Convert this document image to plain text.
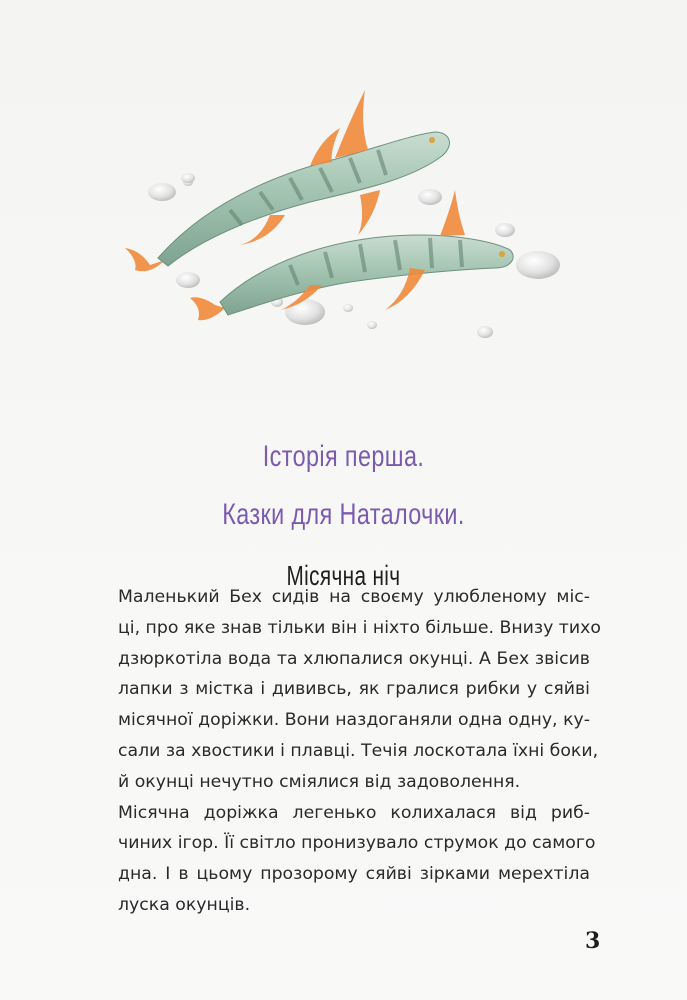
Історія перша.
Казки для Наталочки.
Місячна ніч

Маленький Бех сидів на своєму улюбленому міс-
ці, про яке знав тільки він і ніхто більше. Внизу тихо
дзюркотіла вода та хлюпалися окунці. А Бех звісив
лапки з містка і дививсь, як гралися рибки у сяйві
місячної доріжки. Вони наздоганяли одна одну, ку-
сали за хвостики і плавці. Течія лоскотала їхні боки,
й окунці нечутно сміялися від задоволення.

Місячна доріжка легенько колихалася від риб-
чиних ігор. Її світло пронизувало струмок до самого
дна. І в цьому прозорому сяйві зірками мерехтіла
луска окунців.

3
